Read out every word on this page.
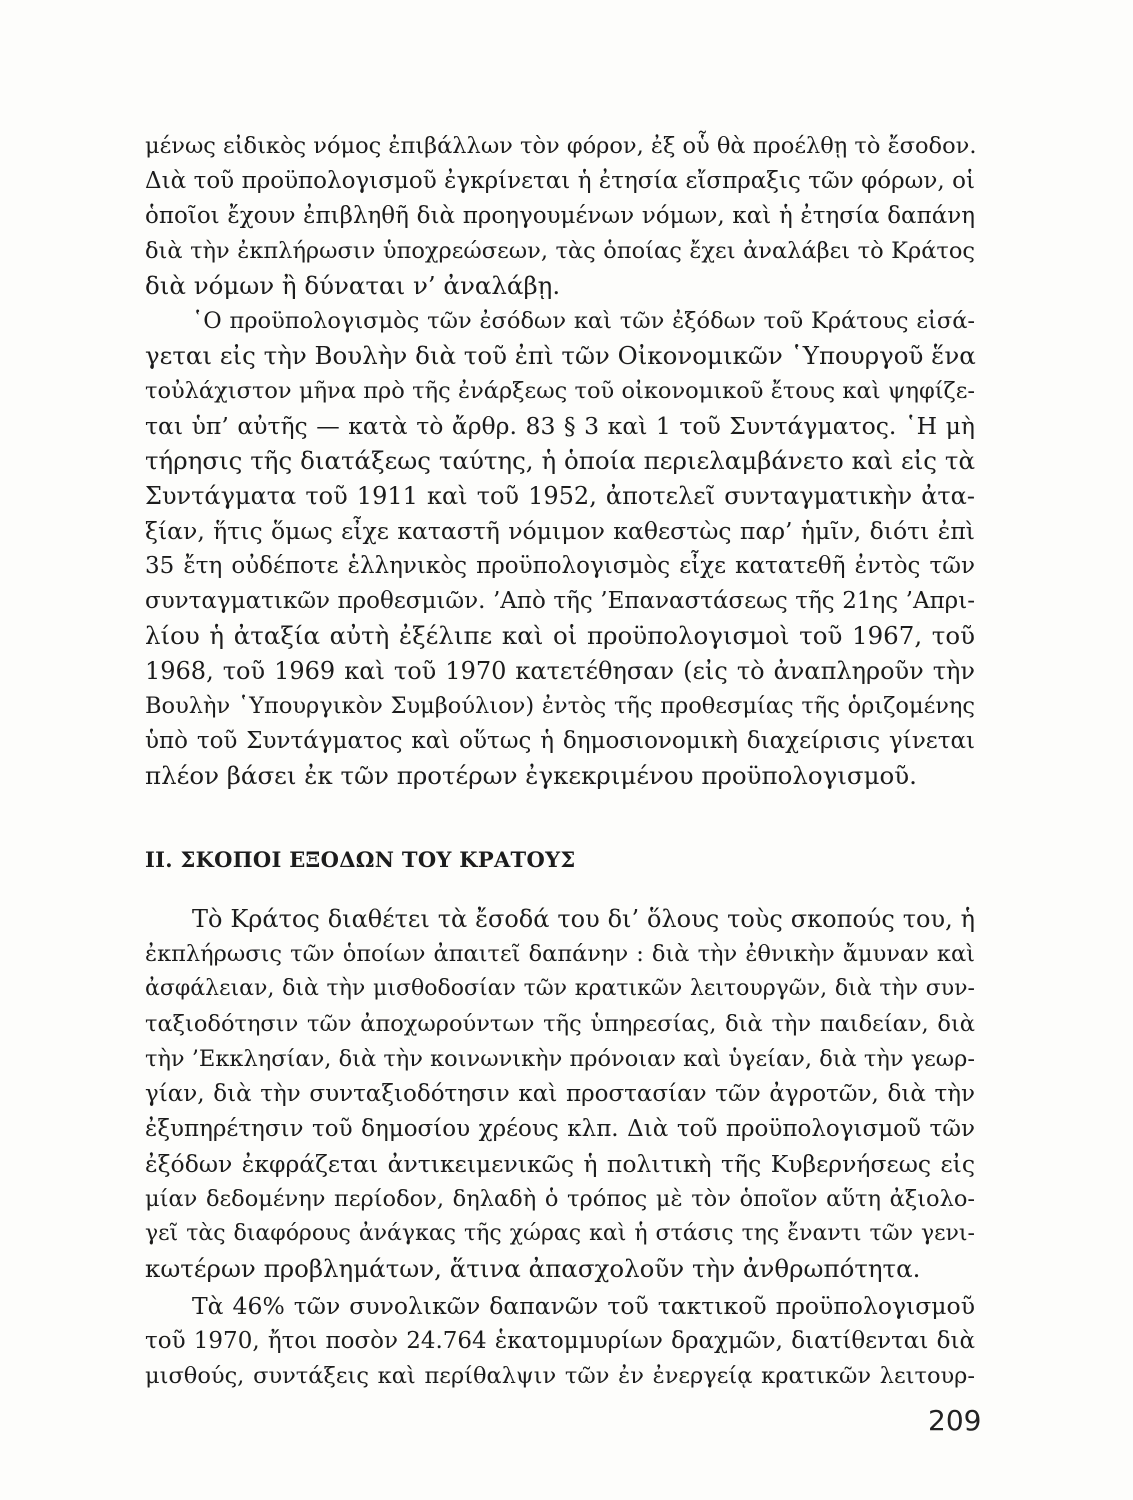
μένως εἰδικὸς νόμος ἐπιβάλλων τὸν φόρον, ἐξ οὗ θὰ προέλθῃ τὸ ἔσοδον.
Διὰ τοῦ προϋπολογισμοῦ ἐγκρίνεται ἡ ἐτησία εἴσπραξις τῶν φόρων, οἱ
ὁποῖοι ἔχουν ἐπιβληθῆ διὰ προηγουμένων νόμων, καὶ ἡ ἐτησία δαπάνη
διὰ τὴν ἐκπλήρωσιν ὑποχρεώσεων, τὰς ὁποίας ἔχει ἀναλάβει τὸ Κράτος
διὰ νόμων ἢ δύναται ν’ ἀναλάβῃ.
῾Ο προϋπολογισμὸς τῶν ἐσόδων καὶ τῶν ἐξόδων τοῦ Κράτους εἰσά-
γεται εἰς τὴν Βουλὴν διὰ τοῦ ἐπὶ τῶν Οἰκονομικῶν ῾Υπουργοῦ ἕνα
τοὐλάχιστον μῆνα πρὸ τῆς ἐνάρξεως τοῦ οἰκονομικοῦ ἔτους καὶ ψηφίζε-
ται ὑπ’ αὐτῆς — κατὰ τὸ ἄρθρ. 83 § 3 καὶ 1 τοῦ Συντάγματος. ῾Η μὴ
τήρησις τῆς διατάξεως ταύτης, ἡ ὁποία περιελαμβάνετο καὶ εἰς τὰ
Συντάγματα τοῦ 1911 καὶ τοῦ 1952, ἀποτελεῖ συνταγματικὴν ἀτα-
ξίαν, ἥτις ὅμως εἶχε καταστῆ νόμιμον καθεστὼς παρ’ ἡμῖν, διότι ἐπὶ
35 ἔτη οὐδέποτε ἑλληνικὸς προϋπολογισμὸς εἶχε κατατεθῆ ἐντὸς τῶν
συνταγματικῶν προθεσμιῶν. ’Απὸ τῆς ’Επαναστάσεως τῆς 21ης ’Απρι-
λίου ἡ ἀταξία αὐτὴ ἐξέλιπε καὶ οἱ προϋπολογισμοὶ τοῦ 1967, τοῦ
1968, τοῦ 1969 καὶ τοῦ 1970 κατετέθησαν (εἰς τὸ ἀναπληροῦν τὴν
Βουλὴν ῾Υπουργικὸν Συμβούλιον) ἐντὸς τῆς προθεσμίας τῆς ὁριζομένης
ὑπὸ τοῦ Συντάγματος καὶ οὕτως ἡ δημοσιονομικὴ διαχείρισις γίνεται
πλέον βάσει ἐκ τῶν προτέρων ἐγκεκριμένου προϋπολογισμοῦ.
II. ΣΚΟΠΟΙ ΕΞΟΔΩΝ ΤΟΥ ΚΡΑΤΟΥΣ
Τὸ Κράτος διαθέτει τὰ ἔσοδά του δι’ ὅλους τοὺς σκοπούς του, ἡ
ἐκπλήρωσις τῶν ὁποίων ἀπαιτεῖ δαπάνην : διὰ τὴν ἐθνικὴν ἄμυναν καὶ
ἀσφάλειαν, διὰ τὴν μισθοδοσίαν τῶν κρατικῶν λειτουργῶν, διὰ τὴν συν-
ταξιοδότησιν τῶν ἀποχωρούντων τῆς ὑπηρεσίας, διὰ τὴν παιδείαν, διὰ
τὴν ’Εκκλησίαν, διὰ τὴν κοινωνικὴν πρόνοιαν καὶ ὑγείαν, διὰ τὴν γεωρ-
γίαν, διὰ τὴν συνταξιοδότησιν καὶ προστασίαν τῶν ἀγροτῶν, διὰ τὴν
ἐξυπηρέτησιν τοῦ δημοσίου χρέους κλπ. Διὰ τοῦ προϋπολογισμοῦ τῶν
ἐξόδων ἐκφράζεται ἀντικειμενικῶς ἡ πολιτικὴ τῆς Κυβερνήσεως εἰς
μίαν δεδομένην περίοδον, δηλαδὴ ὁ τρόπος μὲ τὸν ὁποῖον αὕτη ἀξιολο-
γεῖ τὰς διαφόρους ἀνάγκας τῆς χώρας καὶ ἡ στάσις της ἔναντι τῶν γενι-
κωτέρων προβλημάτων, ἅτινα ἀπασχολοῦν τὴν ἀνθρωπότητα.
Τὰ 46% τῶν συνολικῶν δαπανῶν τοῦ τακτικοῦ προϋπολογισμοῦ
τοῦ 1970, ἤτοι ποσὸν 24.764 ἑκατομμυρίων δραχμῶν, διατίθενται διὰ
μισθούς, συντάξεις καὶ περίθαλψιν τῶν ἐν ἐνεργείᾳ κρατικῶν λειτουρ-
209
